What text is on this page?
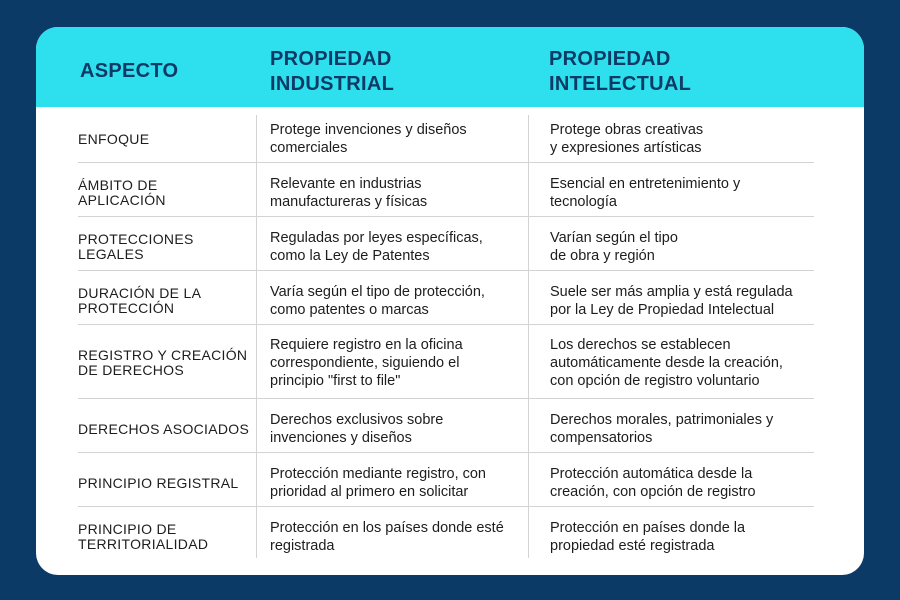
ASPECTO
PROPIEDAD
INDUSTRIAL
PROPIEDAD
INTELECTUAL
ENFOQUE
Protege invenciones y diseños
comerciales
Protege obras creativas
y expresiones artísticas
ÁMBITO DE
APLICACIÓN
Relevante en industrias
manufactureras y físicas
Esencial en entretenimiento y
tecnología
PROTECCIONES
LEGALES
Reguladas por leyes específicas,
como la Ley de Patentes
Varían según el tipo
de obra y región
DURACIÓN DE LA
PROTECCIÓN
Varía según el tipo de protección,
como patentes o marcas
Suele ser más amplia y está regulada
por la Ley de Propiedad Intelectual
REGISTRO Y CREACIÓN
DE DERECHOS
Requiere registro en la oficina
correspondiente, siguiendo el
principio "first to file"
Los derechos se establecen
automáticamente desde la creación,
con opción de registro voluntario
DERECHOS ASOCIADOS
Derechos exclusivos sobre
invenciones y diseños
Derechos morales, patrimoniales y
compensatorios
PRINCIPIO REGISTRAL
Protección mediante registro, con
prioridad al primero en solicitar
Protección automática desde la
creación, con opción de registro
PRINCIPIO DE
TERRITORIALIDAD
Protección en los países donde esté
registrada
Protección en países donde la
propiedad esté registrada
